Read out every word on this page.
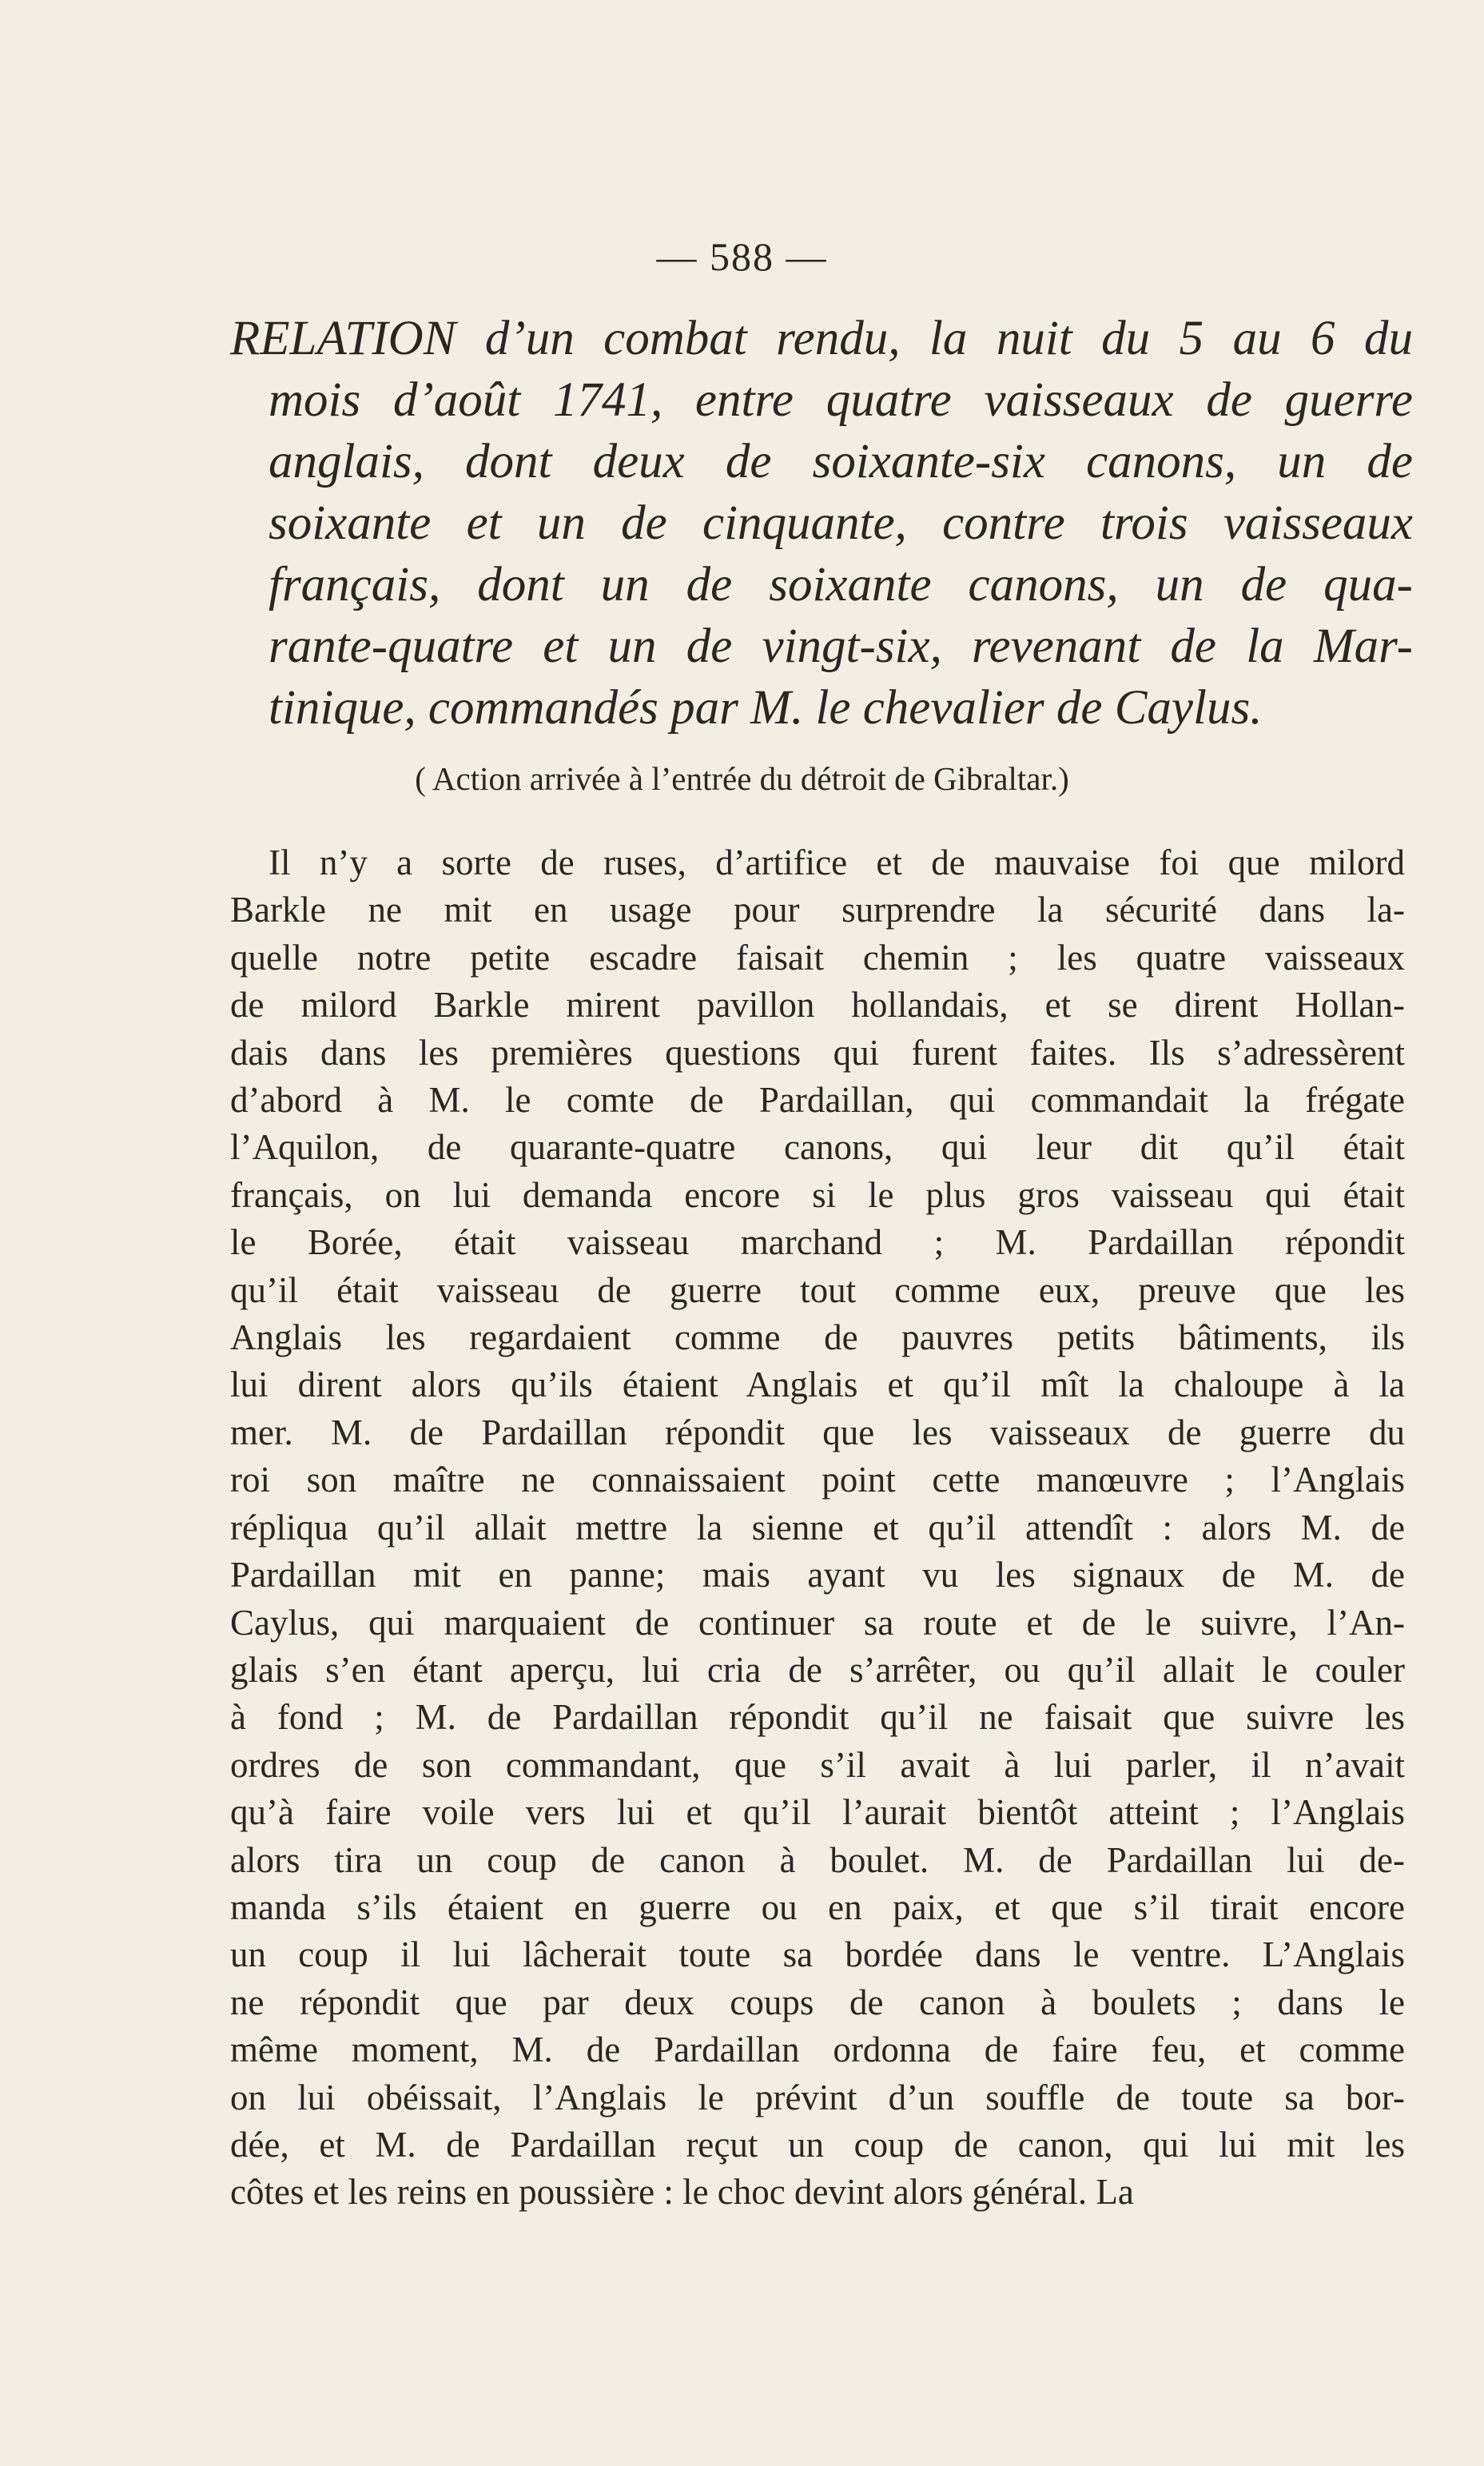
— 588 —
RELATION d’un combat rendu, la nuit du 5 au 6 du
mois d’août 1741, entre quatre vaisseaux de guerre
anglais, dont deux de soixante-six canons, un de
soixante et un de cinquante, contre trois vaisseaux
français, dont un de soixante canons, un de qua-
rante-quatre et un de vingt-six, revenant de la Mar-
tinique, commandés par M. le chevalier de Caylus.
( Action arrivée à l’entrée du détroit de Gibraltar.)
Il n’y a sorte de ruses, d’artifice et de mauvaise foi que milord
Barkle ne mit en usage pour surprendre la sécurité dans la-
quelle notre petite escadre faisait chemin ; les quatre vaisseaux
de milord Barkle mirent pavillon hollandais, et se dirent Hollan-
dais dans les premières questions qui furent faites. Ils s’adressèrent
d’abord à M. le comte de Pardaillan, qui commandait la frégate
l’Aquilon, de quarante-quatre canons, qui leur dit qu’il était
français, on lui demanda encore si le plus gros vaisseau qui était
le Borée, était vaisseau marchand ; M. Pardaillan répondit
qu’il était vaisseau de guerre tout comme eux, preuve que les
Anglais les regardaient comme de pauvres petits bâtiments, ils
lui dirent alors qu’ils étaient Anglais et qu’il mît la chaloupe à la
mer. M. de Pardaillan répondit que les vaisseaux de guerre du
roi son maître ne connaissaient point cette manœuvre ; l’Anglais
répliqua qu’il allait mettre la sienne et qu’il attendît : alors M. de
Pardaillan mit en panne; mais ayant vu les signaux de M. de
Caylus, qui marquaient de continuer sa route et de le suivre, l’An-
glais s’en étant aperçu, lui cria de s’arrêter, ou qu’il allait le couler
à fond ; M. de Pardaillan répondit qu’il ne faisait que suivre les
ordres de son commandant, que s’il avait à lui parler, il n’avait
qu’à faire voile vers lui et qu’il l’aurait bientôt atteint ; l’Anglais
alors tira un coup de canon à boulet. M. de Pardaillan lui de-
manda s’ils étaient en guerre ou en paix, et que s’il tirait encore
un coup il lui lâcherait toute sa bordée dans le ventre. L’Anglais
ne répondit que par deux coups de canon à boulets ; dans le
même moment, M. de Pardaillan ordonna de faire feu, et comme
on lui obéissait, l’Anglais le prévint d’un souffle de toute sa bor-
dée, et M. de Pardaillan reçut un coup de canon, qui lui mit les
côtes et les reins en poussière : le choc devint alors général. La
